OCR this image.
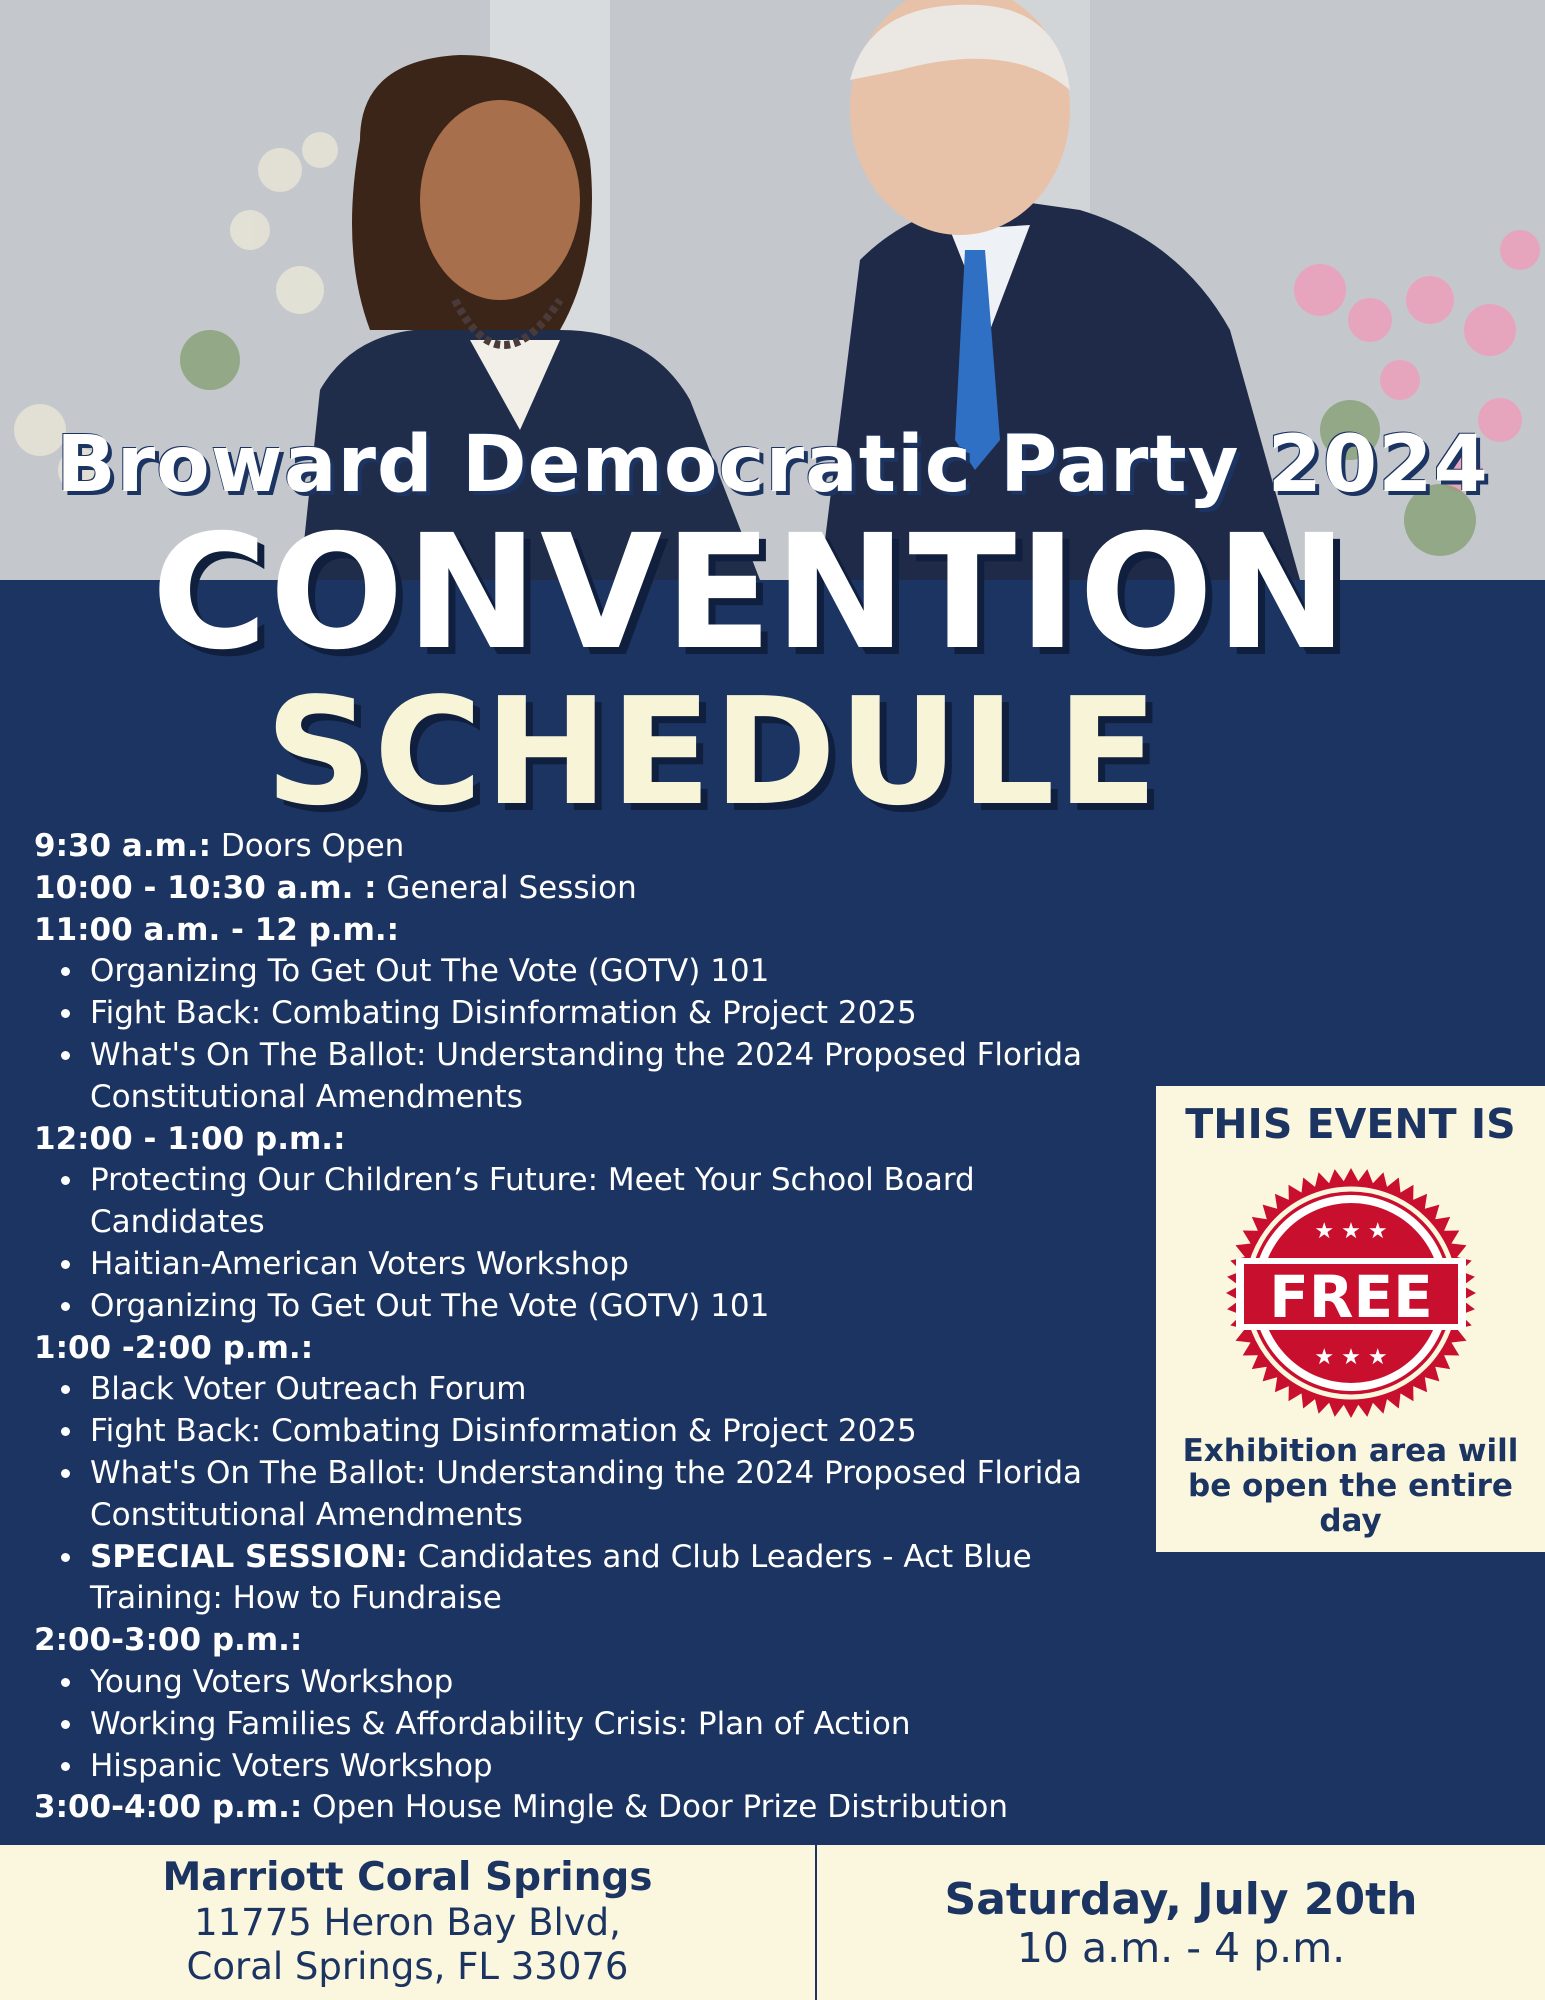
Broward Democratic Party 2024
CONVENTION
SCHEDULE

9:30 a.m.: Doors Open

10:00 - 10:30 a.m. : General Session

11:00 a.m. - 12 p.m.:

Organizing To Get Out The Vote (GOTV) 101
Fight Back: Combating Disinformation & Project 2025
What's On The Ballot: Understanding the 2024 Proposed Florida Constitutional Amendments

12:00 - 1:00 p.m.:

Protecting Our Children’s Future: Meet Your School Board Candidates
Haitian-American Voters Workshop
Organizing To Get Out The Vote (GOTV) 101

1:00 -2:00 p.m.:

Black Voter Outreach Forum
Fight Back: Combating Disinformation & Project 2025
What's On The Ballot: Understanding the 2024 Proposed Florida Constitutional Amendments
SPECIAL SESSION: Candidates and Club Leaders - Act Blue Training: How to Fundraise

2:00-3:00 p.m.:

Young Voters Workshop
Working Families & Affordability Crisis: Plan of Action
Hispanic Voters Workshop

3:00-4:00 p.m.: Open House Mingle & Door Prize Distribution

THIS EVENT IS

FREE
★ ★ ★
★ ★ ★

Exhibition area will be open the entire day

Marriott Coral Springs

11775 Heron Bay Blvd,

Coral Springs, FL 33076

Saturday, July 20th

10 a.m. - 4 p.m.
